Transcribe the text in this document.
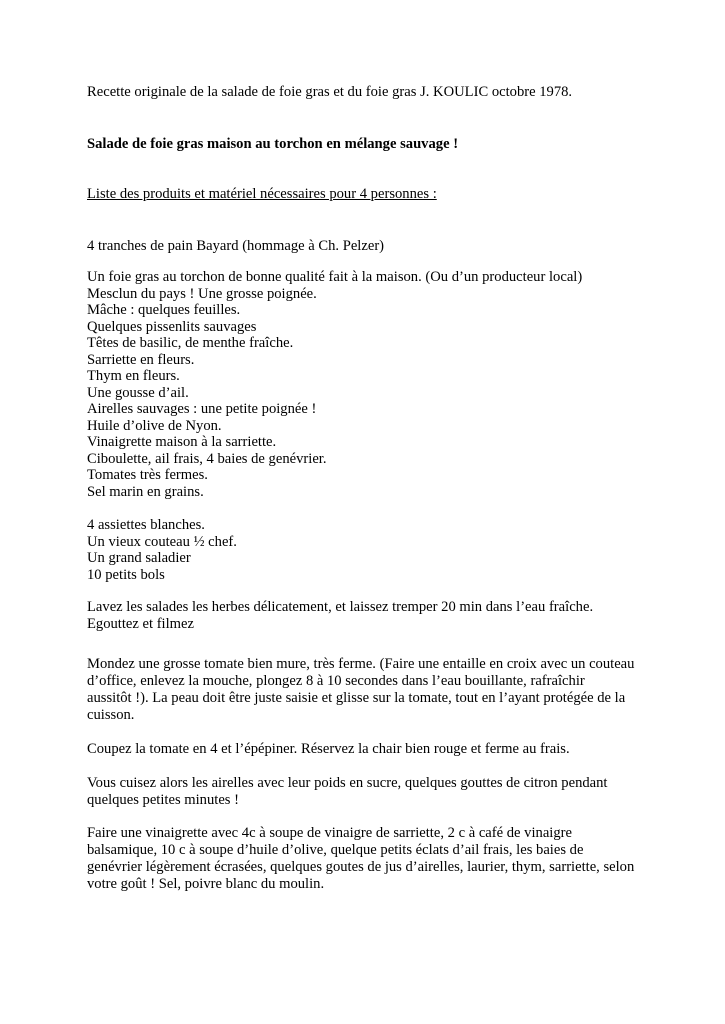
Recette originale de la salade de foie gras et du foie gras J. KOULIC octobre 1978.

Salade de foie gras maison au torchon en mélange sauvage !

Liste des produits et matériel nécessaires pour 4 personnes :

4 tranches de pain Bayard (hommage à Ch. Pelzer)

Un foie gras au torchon de bonne qualité fait à la maison. (Ou d’un producteur local)
Mesclun du pays ! Une grosse poignée.
Mâche : quelques feuilles.
Quelques pissenlits sauvages
Têtes de basilic, de menthe fraîche.
Sarriette en fleurs.
Thym en fleurs.
Une gousse d’ail.
Airelles sauvages : une petite poignée !
Huile d’olive de Nyon.
Vinaigrette maison à la sarriette.
Ciboulette, ail frais, 4 baies de genévrier.
Tomates très fermes.
Sel marin en grains.
4 assiettes blanches.
Un vieux couteau ½ chef.
Un grand saladier
10 petits bols
Lavez les salades les herbes délicatement, et laissez tremper 20 min dans l’eau fraîche.
Egouttez et filmez
Mondez une grosse tomate bien mure, très ferme. (Faire une entaille en croix avec un couteau
d’office, enlevez la mouche, plongez 8 à 10 secondes dans l’eau bouillante, rafraîchir
aussitôt !). La peau doit être juste saisie et glisse sur la tomate, tout en l’ayant protégée de la
cuisson.
Coupez la tomate en 4 et l’épépiner. Réservez la chair bien rouge et ferme au frais.
Vous cuisez alors les airelles avec leur poids en sucre, quelques gouttes de citron pendant
quelques petites minutes !
Faire une vinaigrette avec 4c à soupe de vinaigre de sarriette, 2 c à café de vinaigre
balsamique, 10 c à soupe d’huile d’olive, quelque petits éclats d’ail frais, les baies de
genévrier légèrement écrasées, quelques goutes de jus d’airelles, laurier, thym, sarriette, selon
votre goût ! Sel, poivre blanc du moulin.
